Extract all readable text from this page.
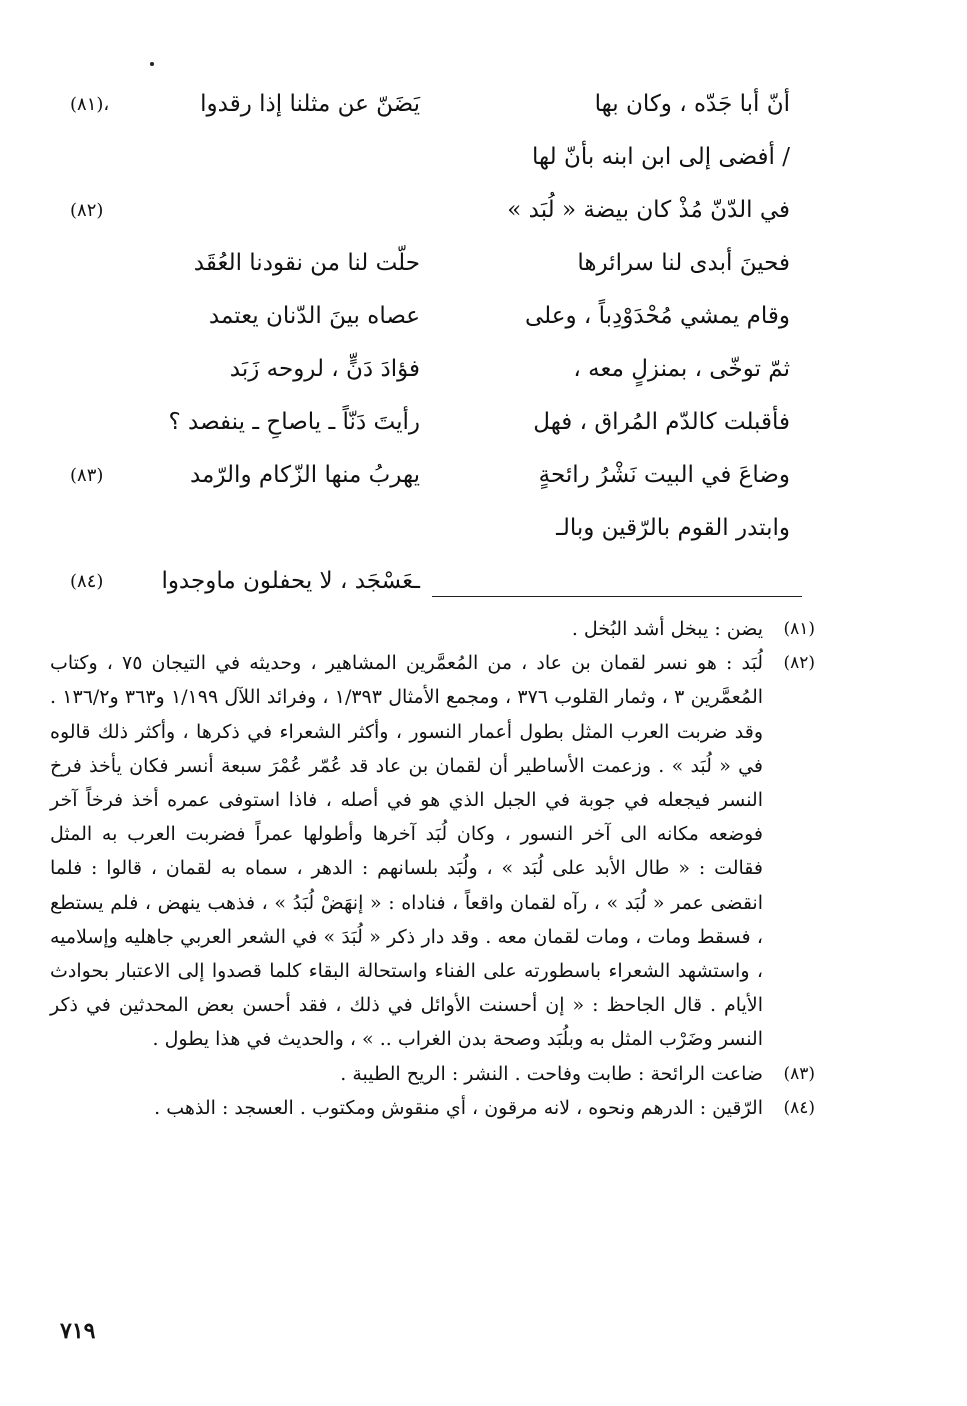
أنّ أبا جَدّه ، وكان بها
يَضَنّ عن مثلنا إذا رقدوا
(٨١)،
/ أفضى إلى ابن ابنه بأنّ لها
في الدّنّ مُذْ كان بيضة « لُبَد »
(٨٢)
فحينَ أبدى لنا سرائرها
حلّت لنا من نقودنا العُقَد
وقام يمشي مُحْدَوْدِباً ، وعلى
عصاه بينَ الدّنان يعتمد
ثمّ توخّى ، بمنزلٍ معه ،
فؤادَ دَنٍّ ، لروحه زَبَد
فأقبلت كالدّم المُراق ، فهل
رأيتَ دَنّاً ـ ياصاحِ ـ ينفصد ؟
وضاعَ في البيت نَشْرُ رائحةٍ
يهربُ منها الزّكام والرّمد
(٨٣)
وابتدر القوم بالرّقين وبالـ
ـعَسْجَد ، لا يحفلون ماوجدوا
(٨٤)
(٨١)
يضن : يبخل أشد البُخل .
(٨٢)
لُبَد : هو نسر لقمان بن عاد ، من المُعمَّرين المشاهير ، وحديثه في التيجان ٧٥ ، وكتاب المُعمَّرين ٣ ، وثمار القلوب ٣٧٦ ، ومجمع الأمثال ١/٣٩٣ ، وفرائد اللآل ١/١٩٩ و٣٦٣ و١٣٦/٢ . وقد ضربت العرب المثل بطول أعمار النسور ، وأكثر الشعراء في ذكرها ، وأكثر ذلك قالوه في « لُبَد » . وزعمت الأساطير أن لقمان بن عاد قد عُمّر عُمْرَ سبعة أنسر فكان يأخذ فرخ النسر فيجعله في جوبة في الجبل الذي هو في أصله ، فاذا استوفى عمره أخذ فرخاً آخر فوضعه مكانه الى آخر النسور ، وكان لُبَد آخرها وأطولها عمراً فضربت العرب به المثل فقالت : « طال الأبد على لُبَد » ، ولُبَد بلسانهم : الدهر ، سماه به لقمان ، قالوا : فلما انقضى عمر « لُبَد » ، رآه لقمان واقعاً ، فناداه : « إنهَضْ لُبَدُ » ، فذهب ينهض ، فلم يستطع ، فسقط ومات ، ومات لقمان معه . وقد دار ذكر « لُبَدَ » في الشعر العربي جاهليه وإسلاميه ، واستشهد الشعراء باسطورته على الفناء واستحالة البقاء كلما قصدوا إلى الاعتبار بحوادث الأيام . قال الجاحظ : « إن أحسنت الأوائل في ذلك ، فقد أحسن بعض المحدثين في ذكر النسر وضَرْب المثل به وبلُبَد وصحة بدن الغراب .. » ، والحديث في هذا يطول .
(٨٣)
ضاعت الرائحة : طابت وفاحت . النشر : الريح الطيبة .
(٨٤)
الرّقين : الدرهم ونحوه ، لانه مرقون ، أي منقوش ومكتوب . العسجد : الذهب .
٧١٩
